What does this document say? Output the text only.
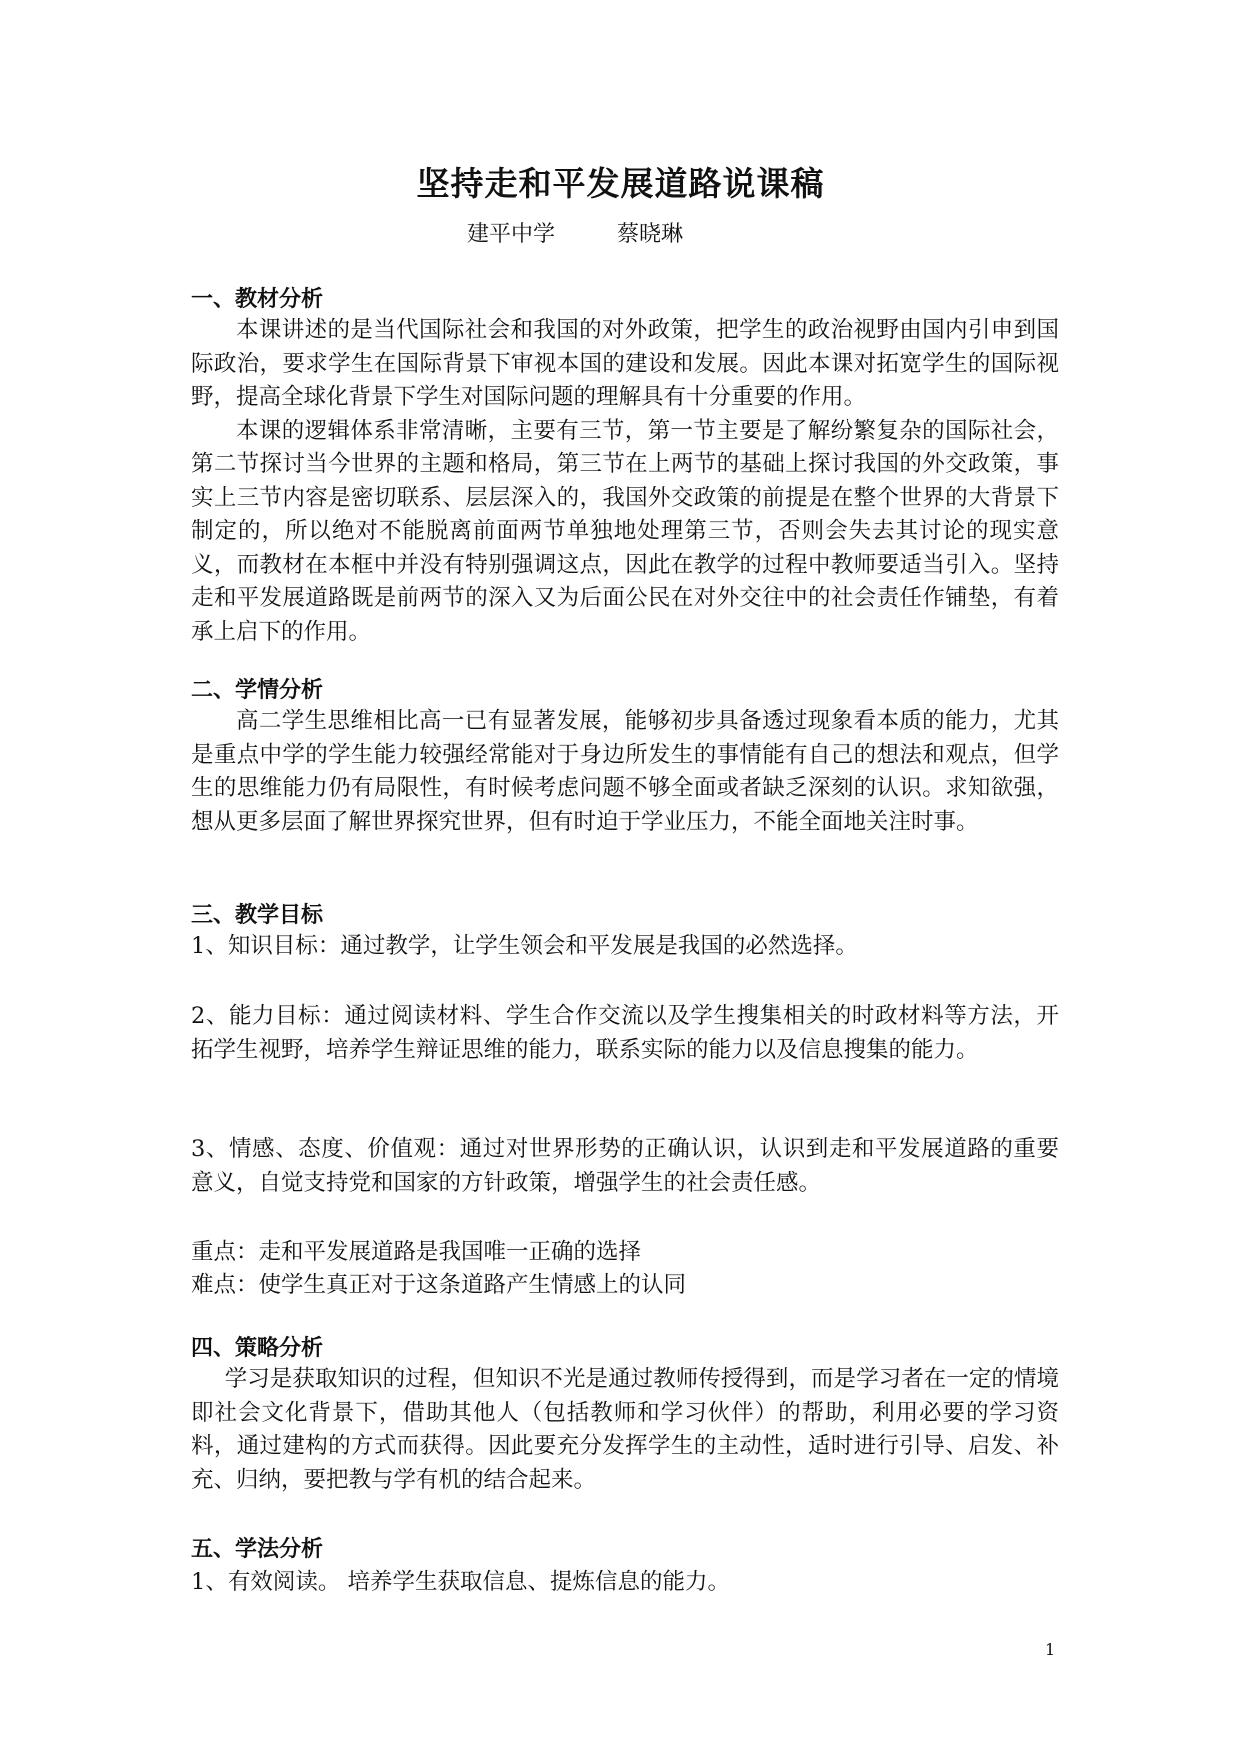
坚持走和平发展道路说课稿
建平中学	蔡晓琳
一、教材分析

本课讲述的是当代国际社会和我国的对外政策，把学生的政治视野由国内引申到国际政治，要求学生在国际背景下审视本国的建设和发展。因此本课对拓宽学生的国际视野，提高全球化背景下学生对国际问题的理解具有十分重要的作用。

本课的逻辑体系非常清晰，主要有三节，第一节主要是了解纷繁复杂的国际社会，第二节探讨当今世界的主题和格局，第三节在上两节的基础上探讨我国的外交政策，事实上三节内容是密切联系、层层深入的，我国外交政策的前提是在整个世界的大背景下制定的，所以绝对不能脱离前面两节单独地处理第三节，否则会失去其讨论的现实意义，而教材在本框中并没有特别强调这点，因此在教学的过程中教师要适当引入。坚持走和平发展道路既是前两节的深入又为后面公民在对外交往中的社会责任作铺垫，有着承上启下的作用。

二、学情分析

高二学生思维相比高一已有显著发展，能够初步具备透过现象看本质的能力，尤其是重点中学的学生能力较强经常能对于身边所发生的事情能有自己的想法和观点，但学生的思维能力仍有局限性，有时候考虑问题不够全面或者缺乏深刻的认识。求知欲强，想从更多层面了解世界探究世界，但有时迫于学业压力，不能全面地关注时事。

三、教学目标

1、知识目标：通过教学，让学生领会和平发展是我国的必然选择。

2、能力目标：通过阅读材料、学生合作交流以及学生搜集相关的时政材料等方法，开拓学生视野，培养学生辩证思维的能力，联系实际的能力以及信息搜集的能力。

3、情感、态度、价值观：通过对世界形势的正确认识，认识到走和平发展道路的重要意义，自觉支持党和国家的方针政策，增强学生的社会责任感。

重点：走和平发展道路是我国唯一正确的选择
难点：使学生真正对于这条道路产生情感上的认同
四、策略分析

学习是获取知识的过程，但知识不光是通过教师传授得到，而是学习者在一定的情境即社会文化背景下，借助其他人（包括教师和学习伙伴）的帮助，利用必要的学习资料，通过建构的方式而获得。因此要充分发挥学生的主动性，适时进行引导、启发、补充、归纳，要把教与学有机的结合起来。

五、学法分析
1、有效阅读。 培养学生获取信息、提炼信息的能力。
1
